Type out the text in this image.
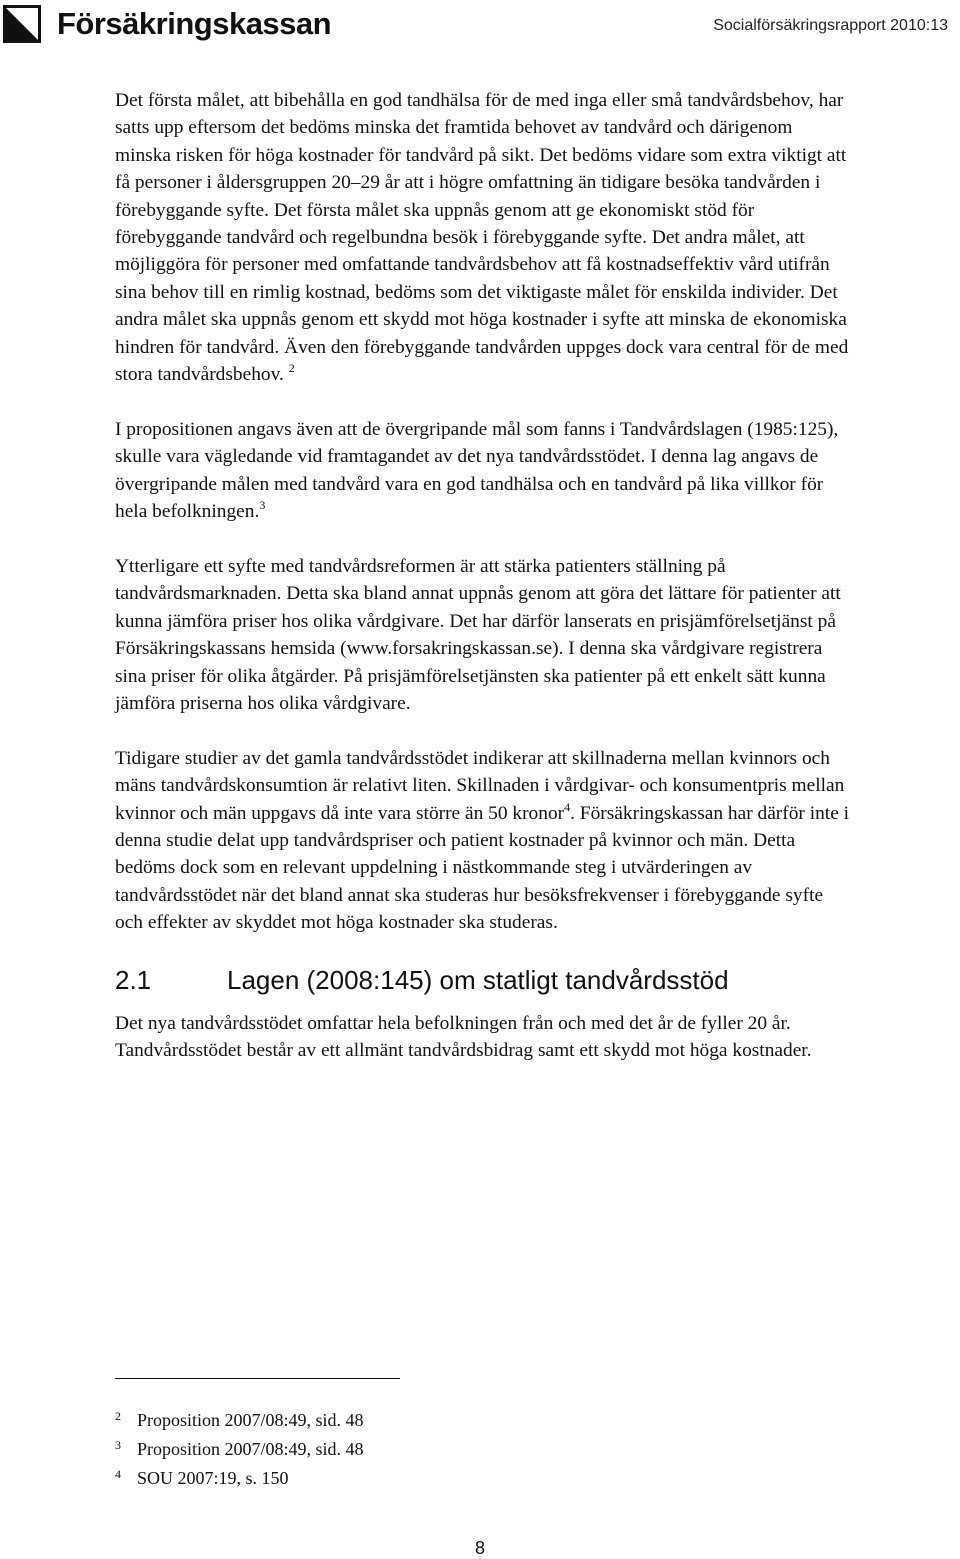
Försäkringskassan	Socialförsäkringsrapport 2010:13

Det första målet, att bibehålla en god tandhälsa för de med inga eller små tandvårdsbehov, har satts upp eftersom det bedöms minska det framtida behovet av tandvård och därigenom minska risken för höga kostnader för tandvård på sikt. Det bedöms vidare som extra viktigt att få personer i åldersgruppen 20–29 år att i högre omfattning än tidigare besöka tandvården i förebyggande syfte. Det första målet ska uppnås genom att ge ekonomiskt stöd för förebyggande tandvård och regelbundna besök i förebyggande syfte. Det andra målet, att möjliggöra för personer med omfattande tandvårdsbehov att få kostnadseffektiv vård utifrån sina behov till en rimlig kostnad, bedöms som det viktigaste målet för enskilda individer. Det andra målet ska uppnås genom ett skydd mot höga kostnader i syfte att minska de ekonomiska hindren för tandvård. Även den förebyggande tandvården uppges dock vara central för de med stora tandvårdsbehov. $^2$

I propositionen angavs även att de övergripande mål som fanns i Tandvårdslagen (1985:125), skulle vara vägledande vid framtagandet av det nya tandvårdsstödet. I denna lag angavs de övergripande målen med tandvård vara en god tandhälsa och en tandvård på lika villkor för hela befolkningen.$^3$

Ytterligare ett syfte med tandvårdsreformen är att stärka patienters ställning på tandvårdsmarknaden. Detta ska bland annat uppnås genom att göra det lättare för patienter att kunna jämföra priser hos olika vårdgivare. Det har därför lanserats en prisjämförelsetjänst på Försäkringskassans hemsida (www.forsakringskassan.se). I denna ska vårdgivare registrera sina priser för olika åtgärder. På prisjämförelsetjänsten ska patienter på ett enkelt sätt kunna jämföra priserna hos olika vårdgivare.

Tidigare studier av det gamla tandvårdsstödet indikerar att skillnaderna mellan kvinnors och mäns tandvårdskonsumtion är relativt liten. Skillnaden i vårdgivar- och konsumentpris mellan kvinnor och män uppgavs då inte vara större än 50 kronor$^4$. Försäkringskassan har därför inte i denna studie delat upp tandvårdspriser och patient kostnader på kvinnor och män. Detta bedöms dock som en relevant uppdelning i nästkommande steg i utvärderingen av tandvårdsstödet när det bland annat ska studeras hur besöksfrekvenser i förebyggande syfte och effekter av skyddet mot höga kostnader ska studeras.

2.1	Lagen (2008:145) om statligt tandvårdsstöd

Det nya tandvårdsstödet omfattar hela befolkningen från och med det år de fyller 20 år. Tandvårdsstödet består av ett allmänt tandvårdsbidrag samt ett skydd mot höga kostnader.

2 Proposition 2007/08:49, sid. 48
3 Proposition 2007/08:49, sid. 48
4 SOU 2007:19, s. 150
8
